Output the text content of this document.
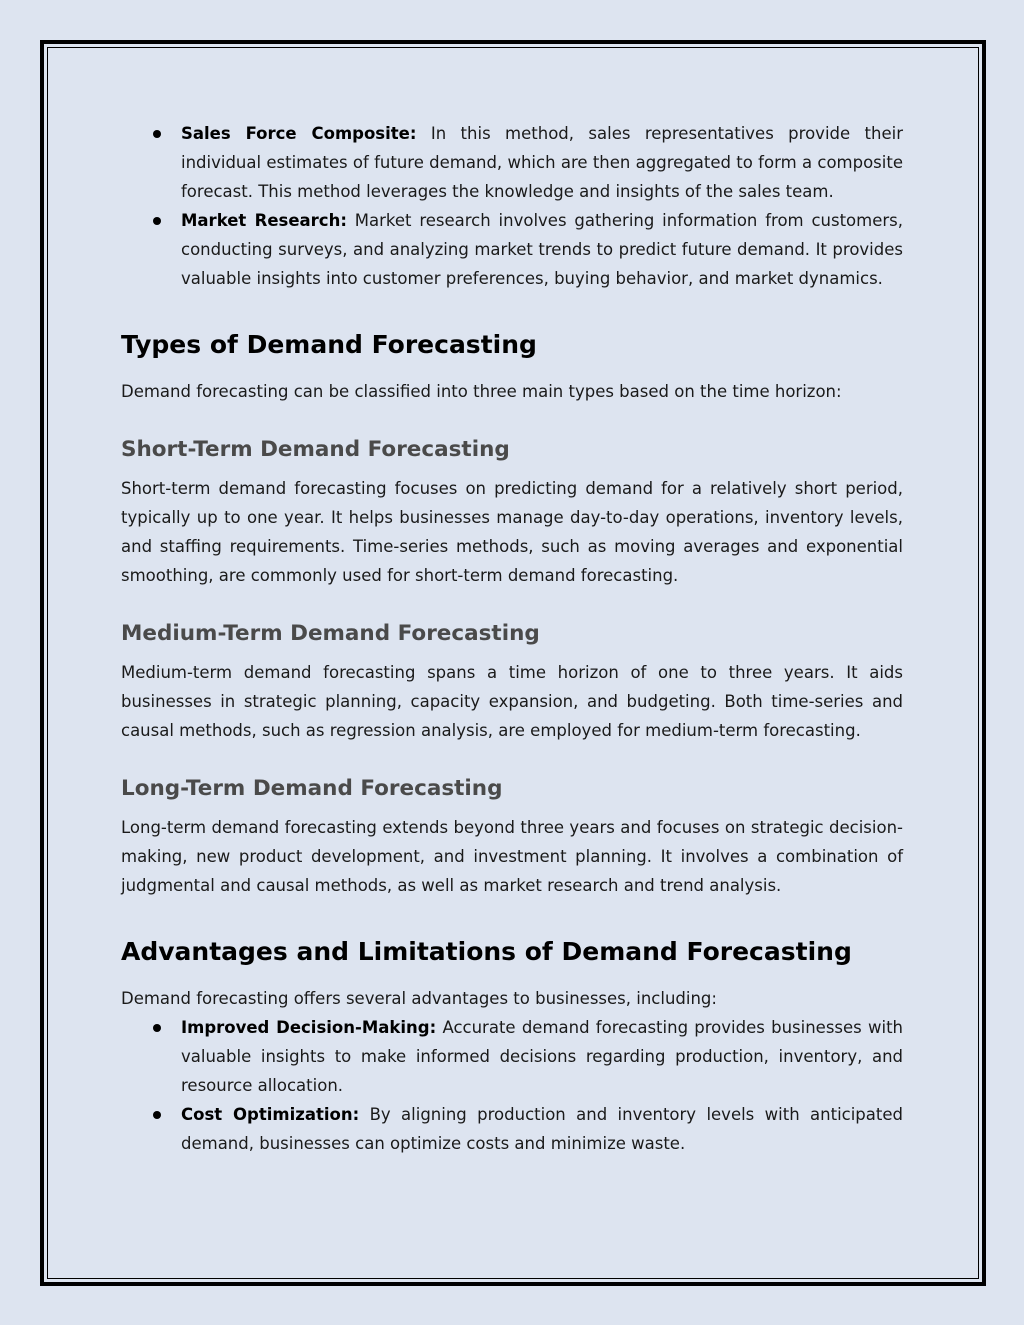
Sales Force Composite: In this method, sales representatives provide their individual estimates of future demand, which are then aggregated to form a composite forecast. This method leverages the knowledge and insights of the sales team.
Market Research: Market research involves gathering information from customers, conducting surveys, and analyzing market trends to predict future demand. It provides valuable insights into customer preferences, buying behavior, and market dynamics.
Types of Demand Forecasting

Demand forecasting can be classified into three main types based on the time horizon:

Short-Term Demand Forecasting

Short-term demand forecasting focuses on predicting demand for a relatively short period, typically up to one year. It helps businesses manage day-to-day operations, inventory levels, and staffing requirements. Time-series methods, such as moving averages and exponential smoothing, are commonly used for short-term demand forecasting.

Medium-Term Demand Forecasting

Medium-term demand forecasting spans a time horizon of one to three years. It aids businesses in strategic planning, capacity expansion, and budgeting. Both time-series and causal methods, such as regression analysis, are employed for medium-term forecasting.

Long-Term Demand Forecasting

Long-term demand forecasting extends beyond three years and focuses on strategic decision-making, new product development, and investment planning. It involves a combination of judgmental and causal methods, as well as market research and trend analysis.

Advantages and Limitations of Demand Forecasting

Demand forecasting offers several advantages to businesses, including:

Improved Decision-Making: Accurate demand forecasting provides businesses with valuable insights to make informed decisions regarding production, inventory, and resource allocation.
Cost Optimization: By aligning production and inventory levels with anticipated demand, businesses can optimize costs and minimize waste.
